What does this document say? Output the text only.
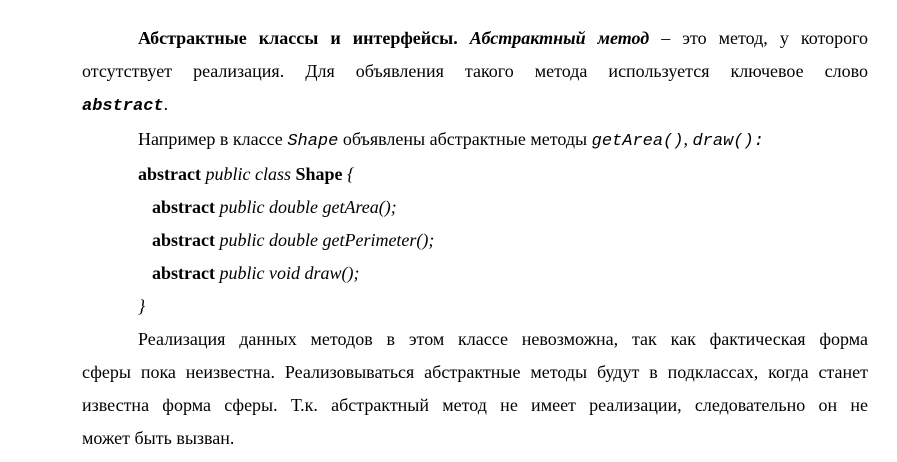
Абстрактные классы и интерфейсы. Абстрактный метод – это метод, у которого
отсутствует реализация. Для объявления такого метода используется ключевое слово
abstract.

Например в классе Shape объявлены абстрактные методы getArea(), draw():

abstract public class Shape {

abstract public double getArea();

abstract public double getPerimeter();

abstract public void draw();

}

Реализация данных методов в этом классе невозможна, так как фактическая форма
сферы пока неизвестна. Реализовываться абстрактные методы будут в подклассах, когда станет
известна форма сферы. Т.к. абстрактный метод не имеет реализации, следовательно он не
может быть вызван.
